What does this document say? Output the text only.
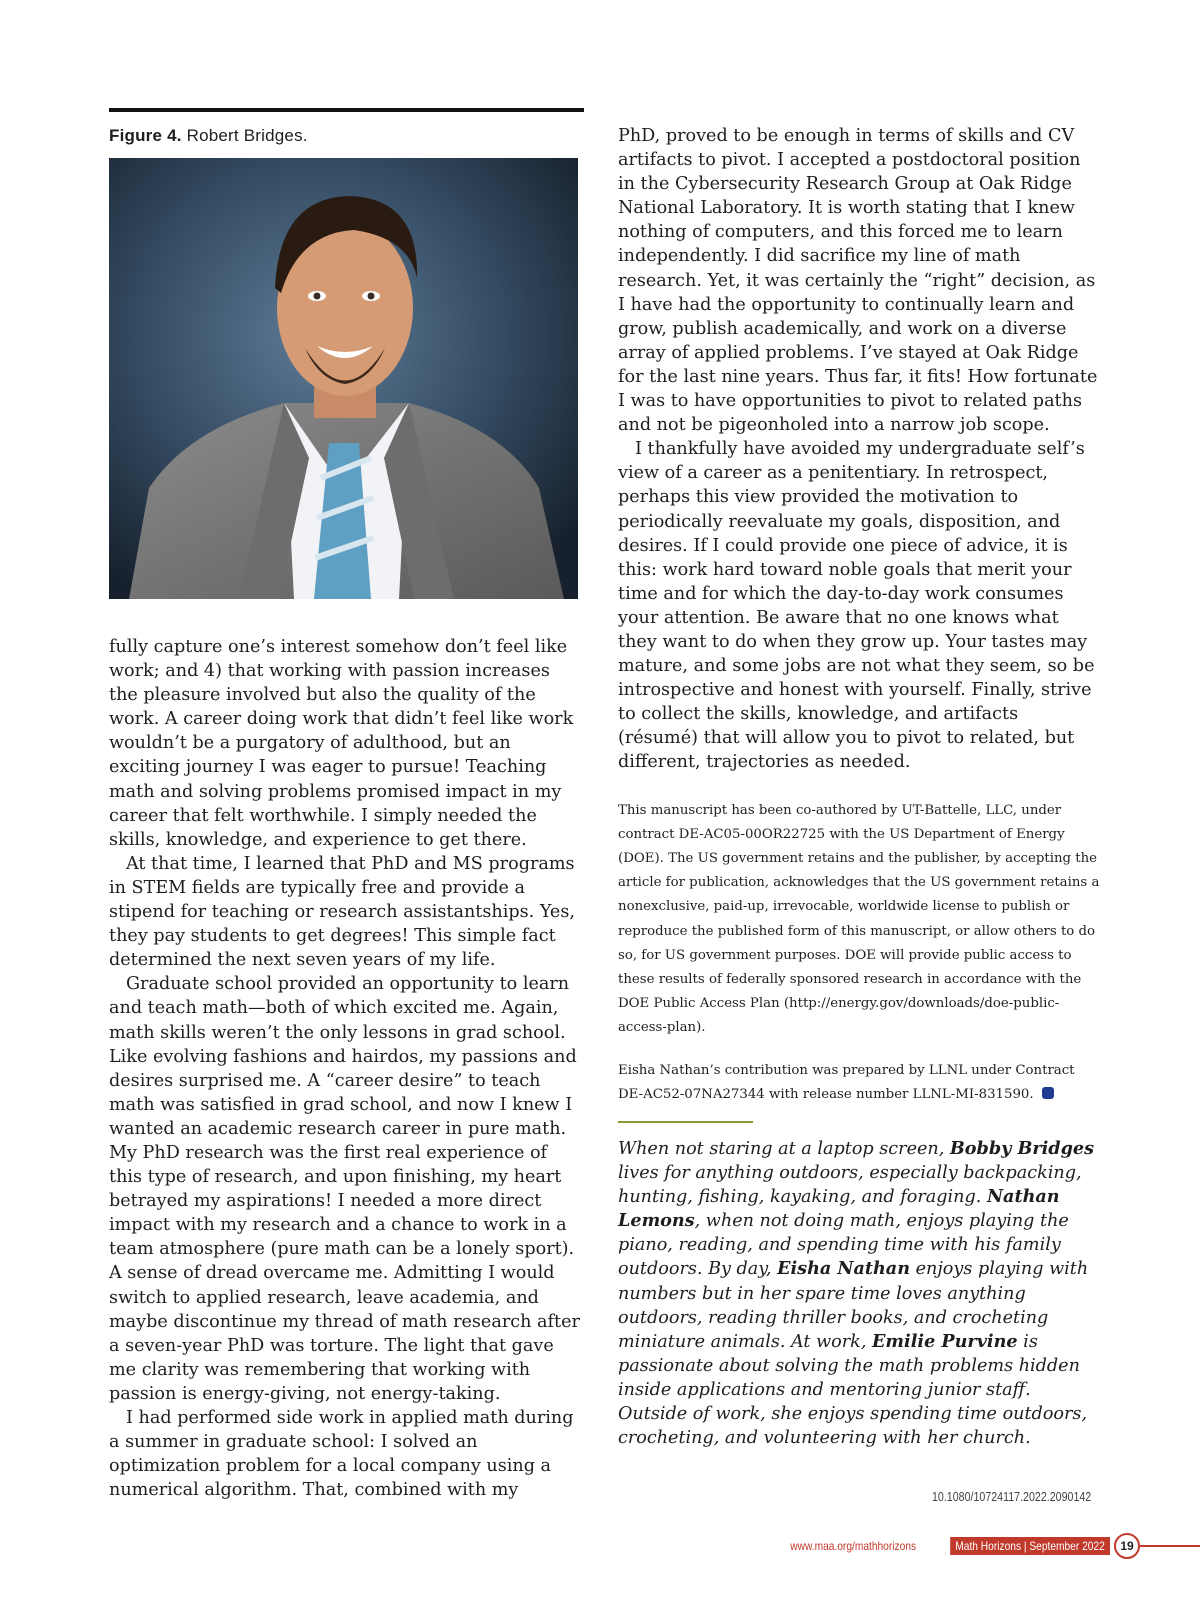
Figure 4. Robert Bridges.

fully capture one’s interest somehow don’t feel like work; and 4) that working with passion increases the pleasure involved but also the quality of the work. A career doing work that didn’t feel like work wouldn’t be a purgatory of adulthood, but an exciting journey I was eager to pursue! Teaching math and solving problems promised impact in my career that felt worthwhile. I simply needed the skills, knowledge, and experience to get there.

At that time, I learned that PhD and MS programs in STEM fields are typically free and provide a stipend for teaching or research assistantships. Yes, they pay students to get degrees! This simple fact determined the next seven years of my life.

Graduate school provided an opportunity to learn and teach math—both of which excited me. Again, math skills weren’t the only lessons in grad school. Like evolving fashions and hairdos, my passions and desires surprised me. A “career desire” to teach math was satisfied in grad school, and now I knew I wanted an academic research career in pure math. My PhD research was the first real experience of this type of research, and upon finishing, my heart betrayed my aspirations! I needed a more direct impact with my research and a chance to work in a team atmosphere (pure math can be a lonely sport). A sense of dread overcame me. Admitting I would switch to applied research, leave academia, and maybe discontinue my thread of math research after a seven-year PhD was torture. The light that gave me clarity was remembering that working with passion is energy-giving, not energy-taking.

I had performed side work in applied math during a summer in graduate school: I solved an optimization problem for a local company using a numerical algorithm. That, combined with my

PhD, proved to be enough in terms of skills and CV artifacts to pivot. I accepted a postdoctoral position in the Cybersecurity Research Group at Oak Ridge National Laboratory. It is worth stating that I knew nothing of computers, and this forced me to learn independently. I did sacrifice my line of math research. Yet, it was certainly the “right” decision, as I have had the opportunity to continually learn and grow, publish academically, and work on a diverse array of applied problems. I’ve stayed at Oak Ridge for the last nine years. Thus far, it fits! How fortunate I was to have opportunities to pivot to related paths and not be pigeonholed into a narrow job scope.

I thankfully have avoided my undergraduate self’s view of a career as a penitentiary. In retrospect, perhaps this view provided the motivation to periodically reevaluate my goals, disposition, and desires. If I could provide one piece of advice, it is this: work hard toward noble goals that merit your time and for which the day-to-day work consumes your attention. Be aware that no one knows what they want to do when they grow up. Your tastes may mature, and some jobs are not what they seem, so be introspective and honest with yourself. Finally, strive to collect the skills, knowledge, and artifacts (résumé) that will allow you to pivot to related, but different, trajectories as needed.

This manuscript has been co-authored by UT-Battelle, LLC, under contract DE-AC05-00OR22725 with the US Department of Energy (DOE). The US government retains and the publisher, by accepting the article for publication, acknowledges that the US government retains a nonexclusive, paid-up, irrevocable, worldwide license to publish or reproduce the published form of this manuscript, or allow others to do so, for US government purposes. DOE will provide public access to these results of federally sponsored research in accordance with the DOE Public Access Plan (http://energy.gov/downloads/doe-public-access-plan).

Eisha Nathan’s contribution was prepared by LLNL under Contract DE-AC52-07NA27344 with release number LLNL-MI-831590.

When not staring at a laptop screen, Bobby Bridges lives for anything outdoors, especially backpacking, hunting, fishing, kayaking, and foraging. Nathan Lemons, when not doing math, enjoys playing the piano, reading, and spending time with his family outdoors. By day, Eisha Nathan enjoys playing with numbers but in her spare time loves anything outdoors, reading thriller books, and crocheting miniature animals. At work, Emilie Purvine is passionate about solving the math problems hidden inside applications and mentoring junior staff. Outside of work, she enjoys spending time outdoors, crocheting, and volunteering with her church.
10.1080/10724117.2022.2090142
www.maa.org/mathhorizons	Math Horizons | September 2022	19
